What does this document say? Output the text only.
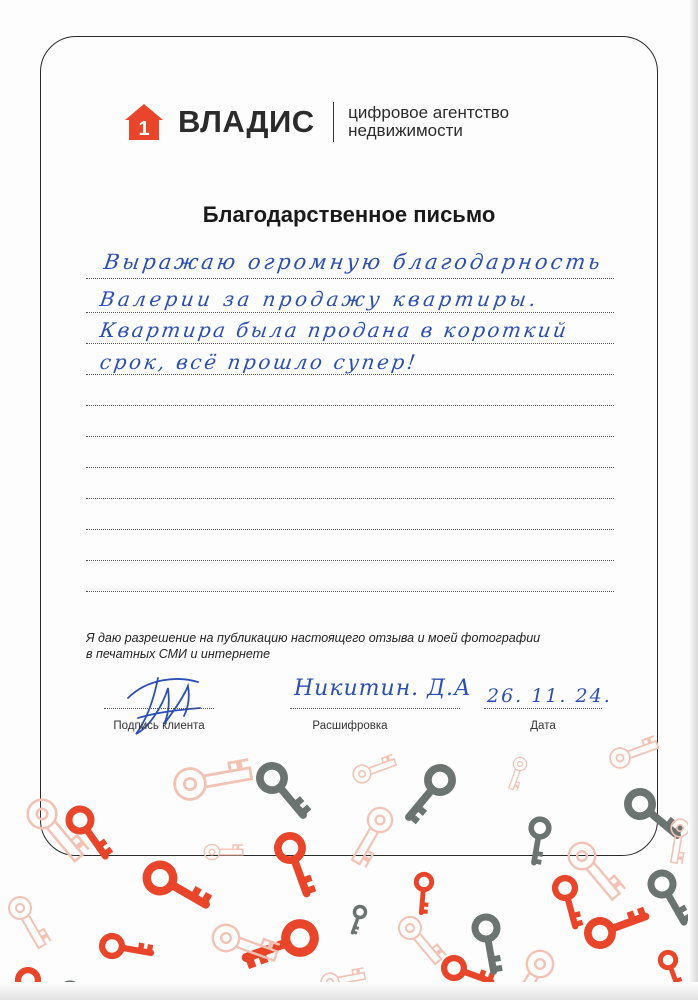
1 ВЛАДИС цифровое агентство
недвижимости
Благодарственное письмо
Выражаю огромную благодарность
Валерии за продажу квартиры.
Квартира была продана в короткий
срок, всё прошло супер!
Я даю разрешение на публикацию настоящего отзыва и моей фотографии
в печатных СМИ и интернете
Подпись клиента
Никитин. Д.А
Расшифровка
26. 11. 24.
Дата
